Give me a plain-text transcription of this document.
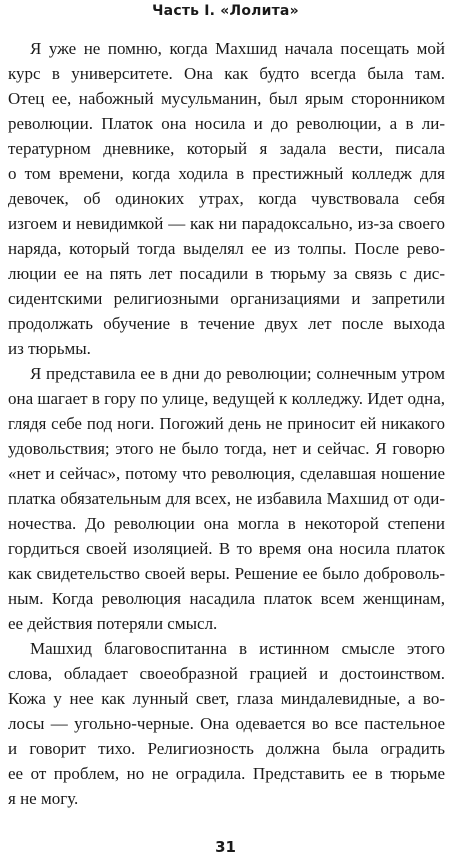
Часть I. «Лолита»
Я уже не помню, когда Махшид начала посещать мой
курс в университете. Она как будто всегда была там.
Отец ее, набожный мусульманин, был ярым сторонником
революции. Платок она носила и до революции, а в ли-
тературном дневнике, который я задала вести, писала
о том времени, когда ходила в престижный колледж для
девочек, об одиноких утрах, когда чувствовала себя
изгоем и невидимкой — как ни парадоксально, из-за своего
наряда, который тогда выделял ее из толпы. После рево-
люции ее на пять лет посадили в тюрьму за связь с дис-
сидентскими религиозными организациями и запретили
продолжать обучение в течение двух лет после выхода
из тюрьмы.
Я представила ее в дни до революции; солнечным утром
она шагает в гору по улице, ведущей к колледжу. Идет одна,
глядя себе под ноги. Погожий день не приносит ей никакого
удовольствия; этого не было тогда, нет и сейчас. Я говорю
«нет и сейчас», потому что революция, сделавшая ношение
платка обязательным для всех, не избавила Махшид от оди-
ночества. До революции она могла в некоторой степени
гордиться своей изоляцией. В то время она носила платок
как свидетельство своей веры. Решение ее было доброволь-
ным. Когда революция насадила платок всем женщинам,
ее действия потеряли смысл.
Машхид благовоспитанна в истинном смысле этого
слова, обладает своеобразной грацией и достоинством.
Кожа у нее как лунный свет, глаза миндалевидные, а во-
лосы — угольно-черные. Она одевается во все пастельное
и говорит тихо. Религиозность должна была оградить
ее от проблем, но не оградила. Представить ее в тюрьме
я не могу.
31
